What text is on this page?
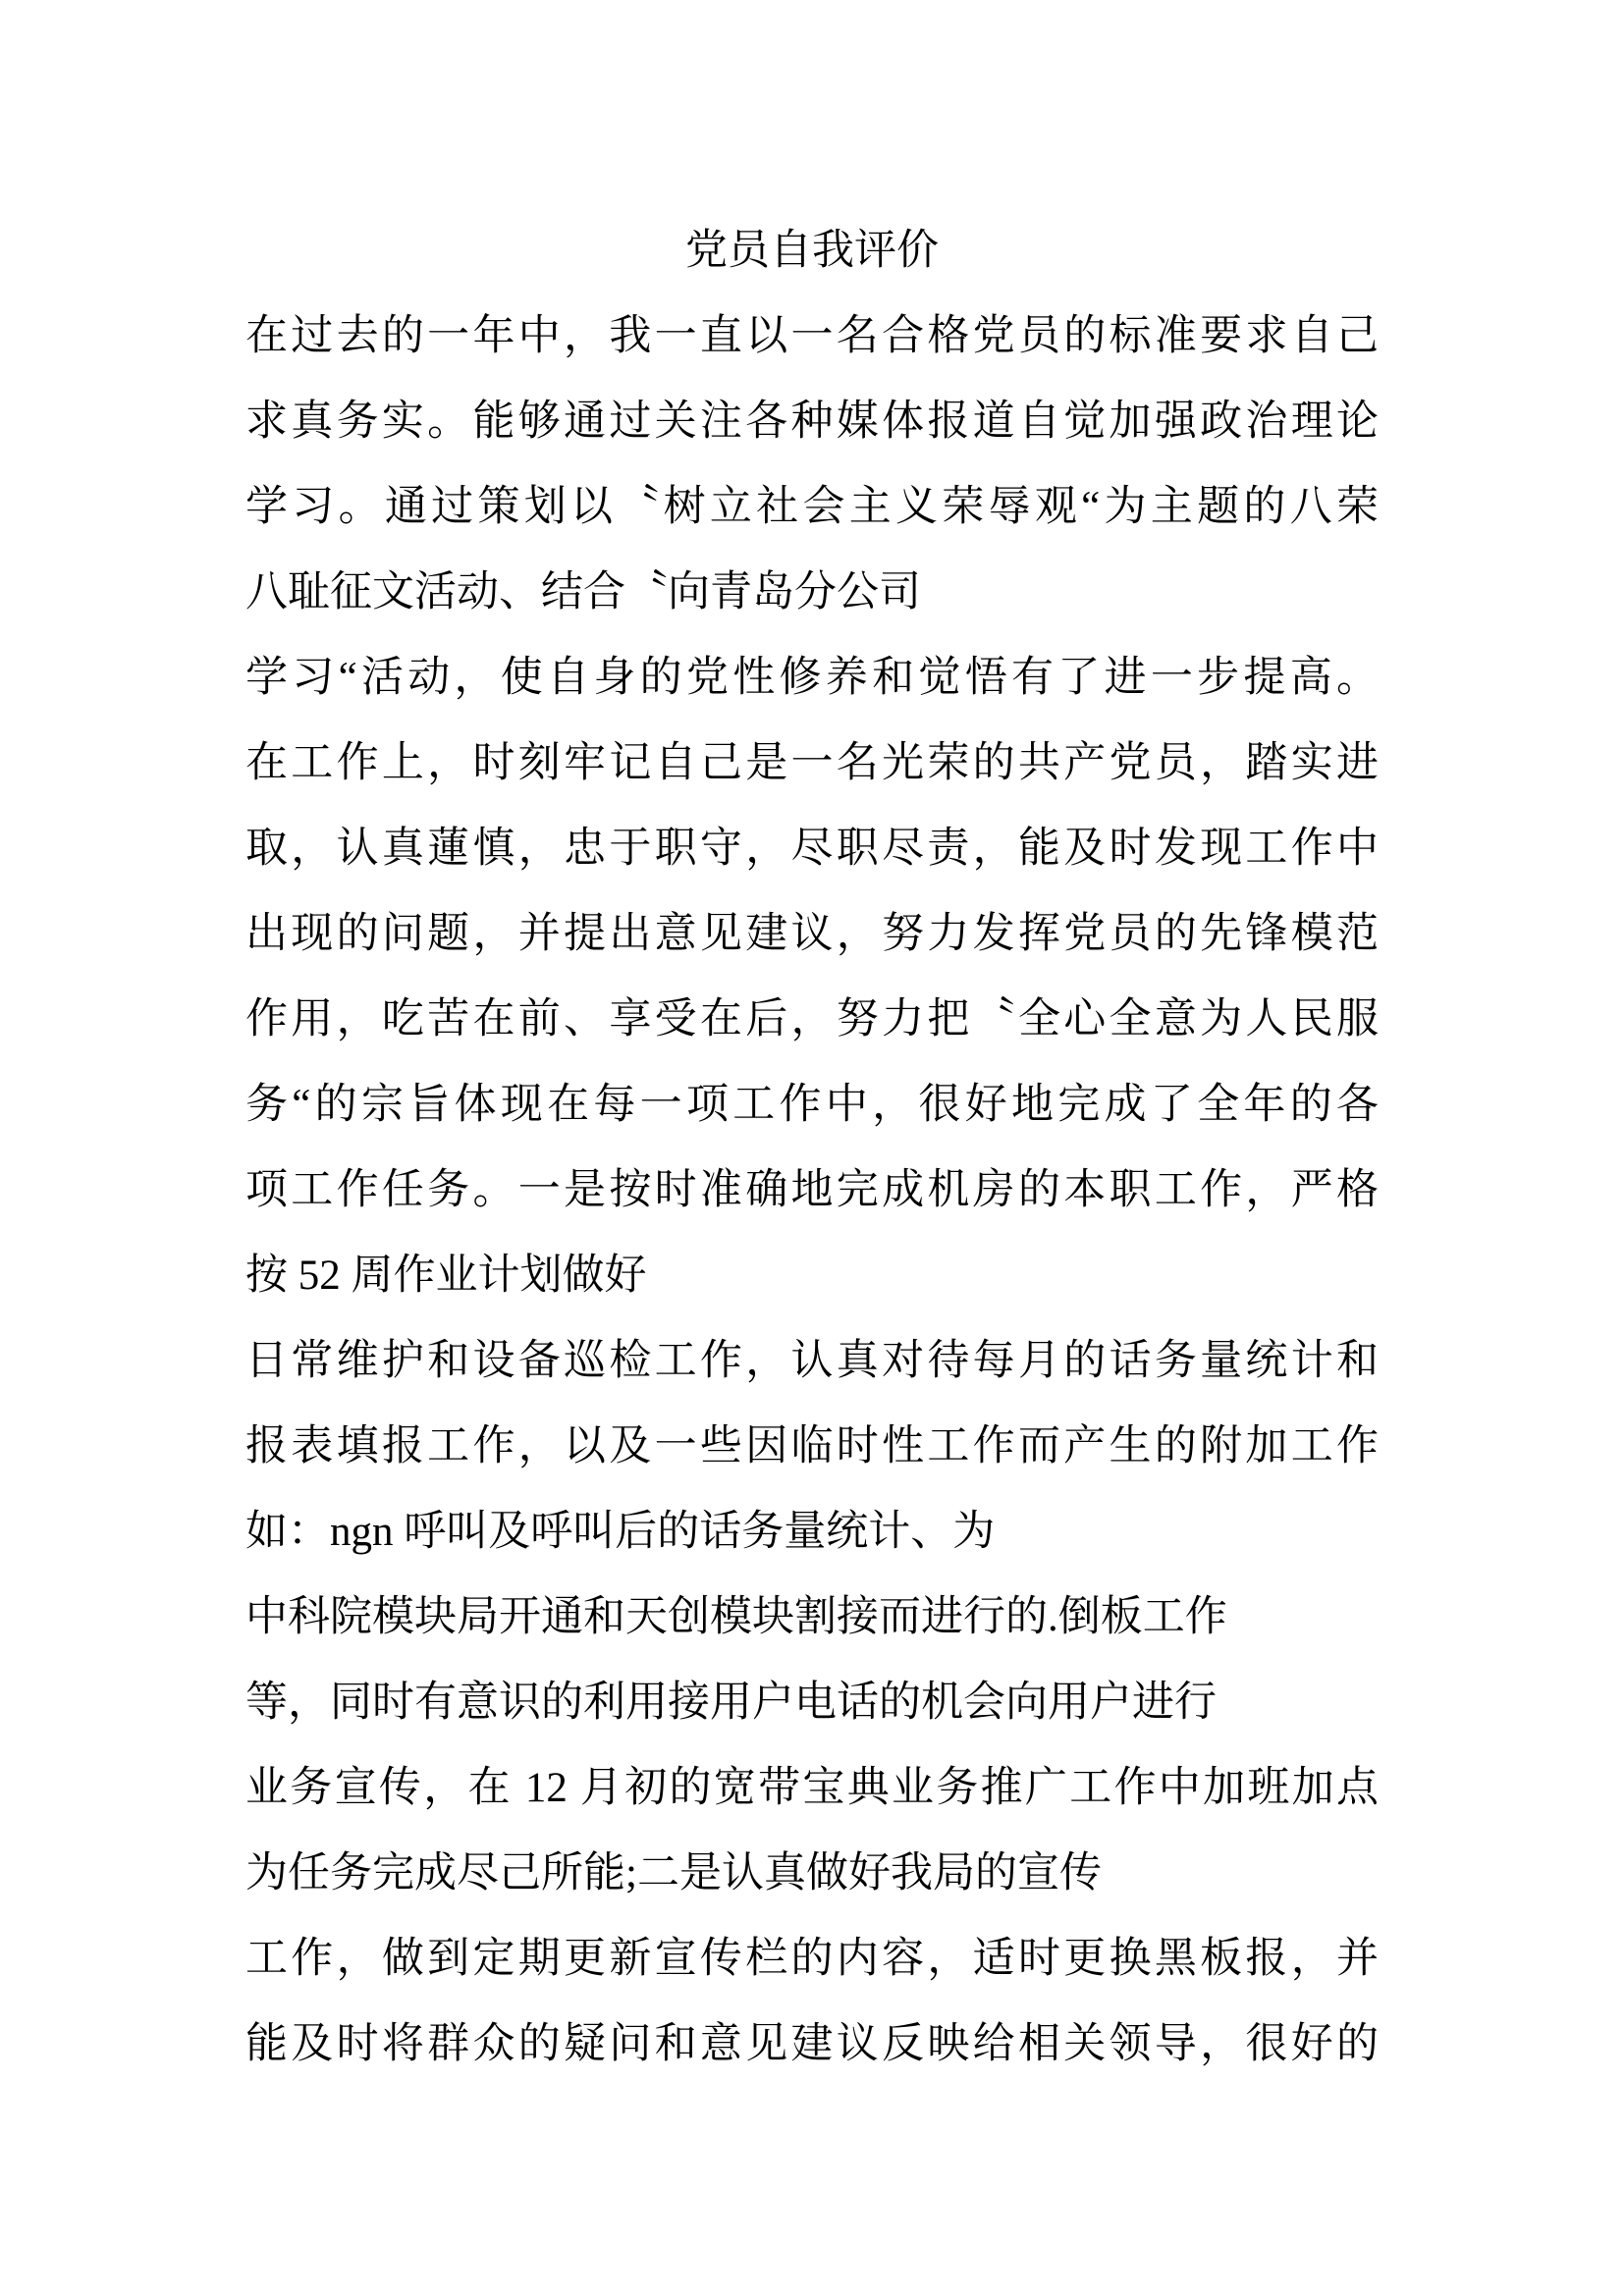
党员自我评价
在过去的一年中，我一直以一名合格党员的标准要求自己
求真务实。能够通过关注各种媒体报道自觉加强政治理论
学习。通过策划以〝树立社会主义荣辱观“为主题的八荣
八耻征文活动、结合〝向青岛分公司
学习“活动，使自身的党性修养和觉悟有了进一步提高。
在工作上，时刻牢记自己是一名光荣的共产党员，踏实进
取，认真蓮慎，忠于职守，尽职尽责，能及时发现工作中
出现的问题，并提出意见建议，努力发挥党员的先锋模范
作用，吃苦在前、享受在后，努力把〝全心全意为人民服
务“的宗旨体现在每一项工作中，很好地完成了全年的各
项工作任务。一是按时准确地完成机房的本职工作，严格
按 52 周作业计划做好
日常维护和设备巡检工作，认真对待每月的话务量统计和
报表填报工作，以及一些因临时性工作而产生的附加工作
如：ngn 呼叫及呼叫后的话务量统计、为
中科院模块局开通和天创模块割接而进行的.倒板工作
等，同时有意识的利用接用户电话的机会向用户进行
业务宣传，在 12 月初的宽带宝典业务推广工作中加班加点
为任务完成尽己所能;二是认真做好我局的宣传
工作，做到定期更新宣传栏的内容，适时更换黑板报，并
能及时将群众的疑问和意见建议反映给相关领导，很好的
